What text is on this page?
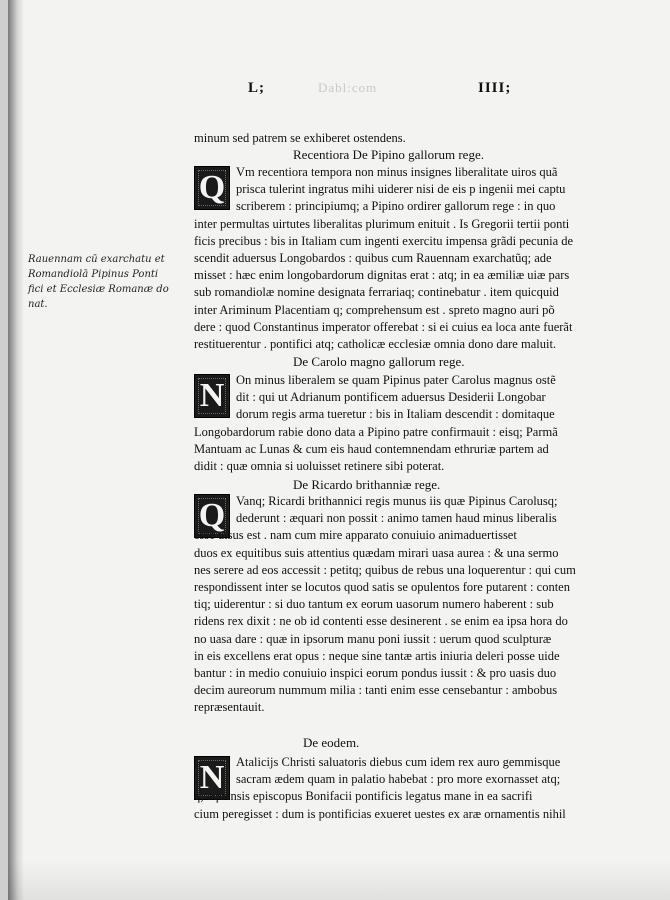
L;	Dabl:com	IIII;
Rauennam cū exarchatu et
Romandiolā Pipinus Ponti
fici et Ecclesiæ Romanæ do
nat.
minum sed patrem se exhiberet ostendens.
Recentiora De Pipino gallorum rege.
Q Vm recentiora tempora non minus insignes liberalitate uiros quã
prisca tulerint ingratus mihi uiderer nisi de eis p ingenii mei captu
scriberem : principiumq; a Pipino ordirer gallorum rege : in quo
inter permultas uirtutes liberalitas plurimum enituit . Is Gregorii tertii ponti
ficis precibus : bis in Italiam cum ingenti exercitu impensa grãdi pecunia de
scendit aduersus Longobardos : quibus cum Rauennam exarchatũq; ade
misset : hæc enim longobardorum dignitas erat : atq; in ea æmiliæ uiæ pars
sub romandiolæ nomine designata ferrariaq; continebatur . item quicquid
inter Ariminum Placentiam q; comprehensum est . spreto magno auri põ
dere : quod Constantinus imperator offerebat : si ei cuius ea loca ante fuerãt
restituerentur . pontifici atq; catholicæ ecclesiæ omnia dono dare maluit.
De Carolo magno gallorum rege.
N On minus liberalem se quam Pipinus pater Carolus magnus ostẽ
dit : qui ut Adrianum pontificem aduersus Desiderii Longobar
dorum regis arma tueretur : bis in Italiam descendit : domitaque
Longobardorum rabie dono data a Pipino patre confirmauit : eisq; Parmã
Mantuam ac Lunas & cum eis haud contemnendam ethruriæ partem ad
didit : quæ omnia si uoluisset retinere sibi poterat.
De Ricardo brithanniæ rege.
Q Vanq; Ricardi brithannici regis munus iis quæ Pipinus Carolusq;
dederunt : æquari non possit : animo tamen haud minus liberalis
esse uisus est . nam cum mire apparato conuiuio animaduertisset
duos ex equitibus suis attentius quædam mirari uasa aurea : & una sermo
nes serere ad eos accessit : petitq; quibus de rebus una loquerentur : qui cum
respondissent inter se locutos quod satis se opulentos fore putarent : conten
tiq; uiderentur : si duo tantum ex eorum uasorum numero haberent : sub
ridens rex dixit : ne ob id contenti esse desinerent . se enim ea ipsa hora do
no uasa dare : quæ in ipsorum manu poni iussit : uerum quod sculpturæ
in eis excellens erat opus : neque sine tantæ artis iniuria deleri posse uide
bantur : in medio conuiuio inspici eorum pondus iussit : & pro uasis duo
decim aureorum nummum milia : tanti enim esse censebantur : ambobus
repræsentauit.
De eodem.
N Atalicijs Christi saluatoris diebus cum idem rex auro gemmisque
sacram ædem quam in palatio habebat : pro more exornasset atq;
q; aquensis episcopus Bonifacii pontificis legatus mane in ea sacrifi
cium peregisset : dum is pontificias exueret uestes ex aræ ornamentis nihil
